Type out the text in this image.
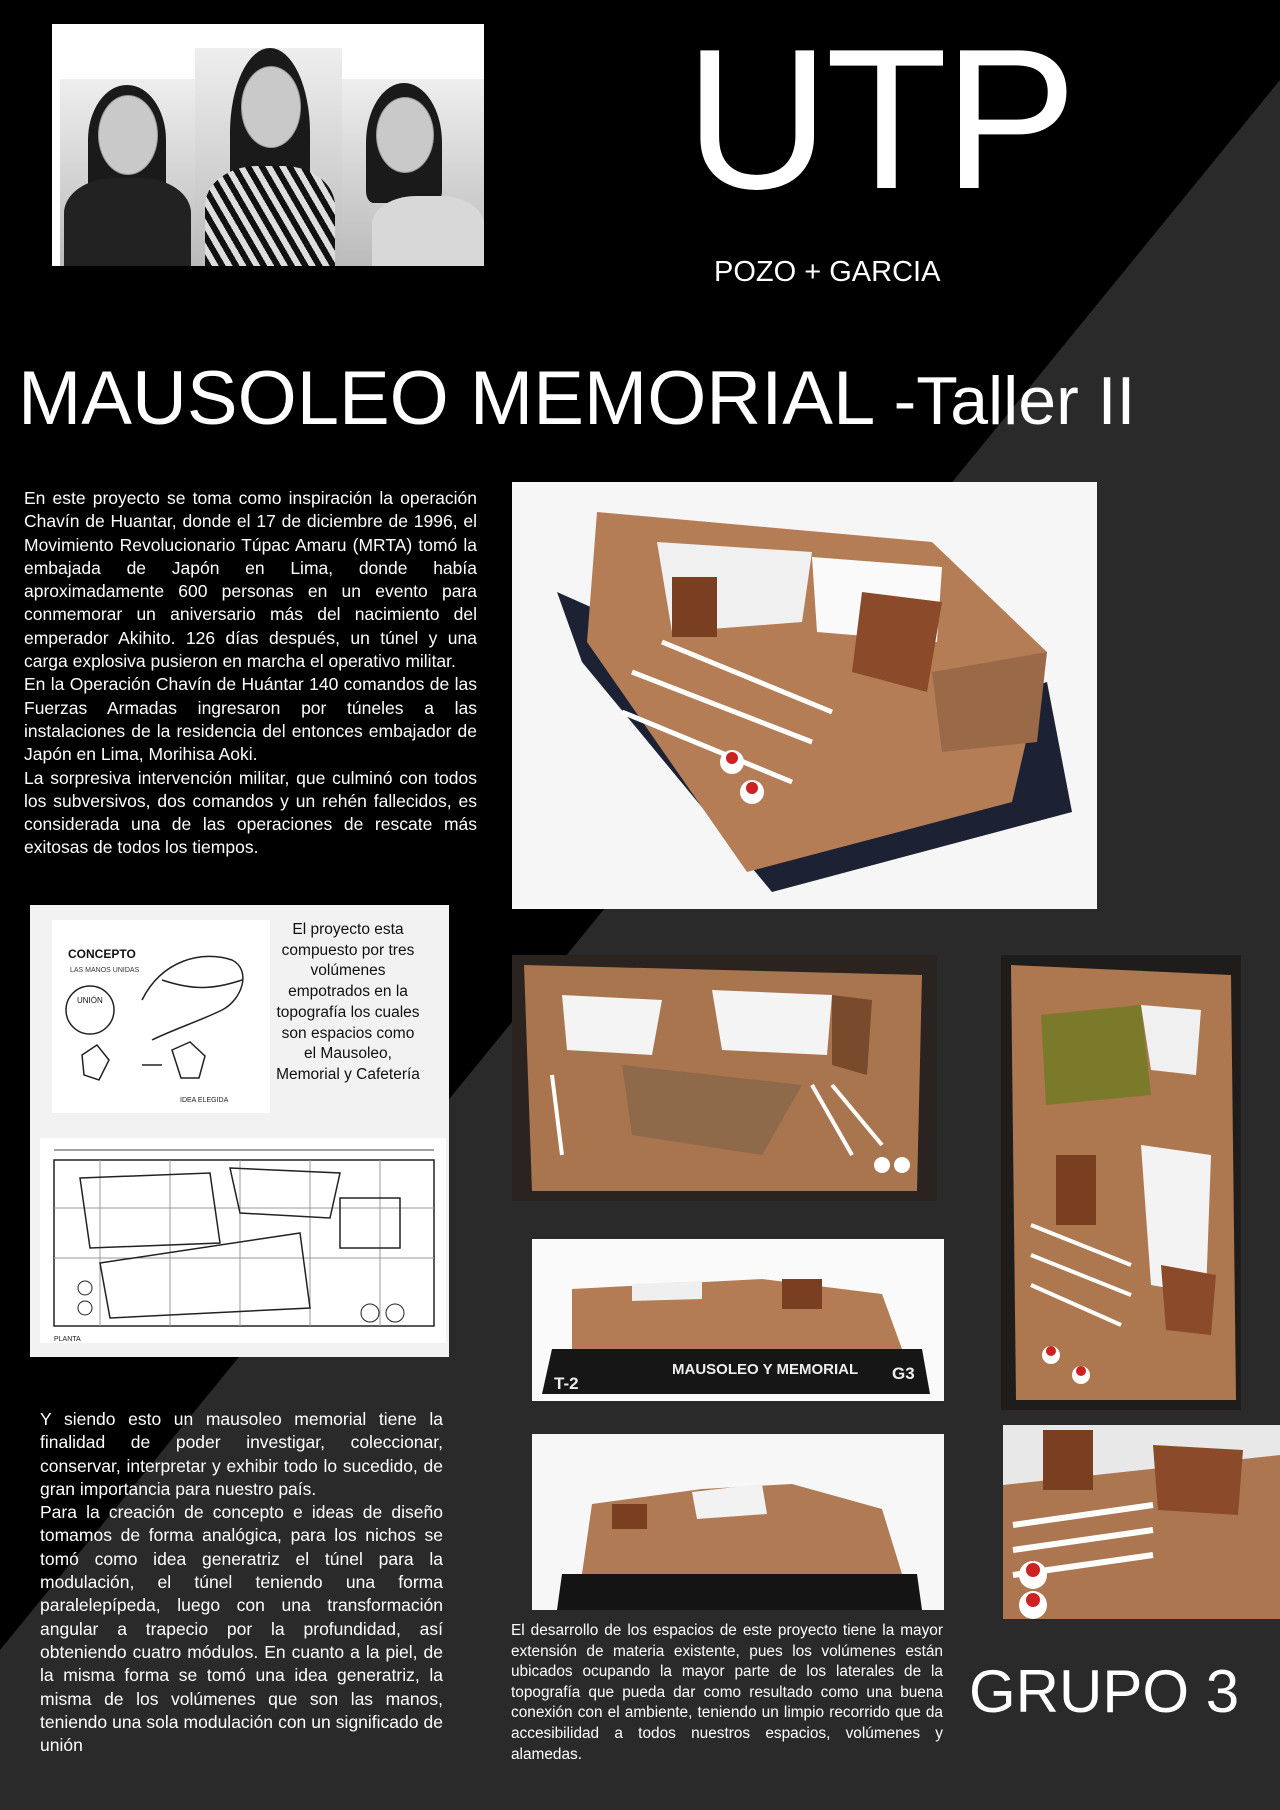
UTP
POZO + GARCIA
MAUSOLEO MEMORIAL -Taller II
En este proyecto se toma como inspiración la operación Chavín de Huantar, donde el 17 de diciembre de 1996, el Movimiento Revolucionario Túpac Amaru (MRTA) tomó la embajada de Japón en Lima, donde había aproximadamente 600 personas en un evento para conmemorar un aniversario más del nacimiento del emperador Akihito. 126 días después, un túnel y una carga explosiva pusieron en marcha el operativo militar.
En la Operación Chavín de Huántar 140 comandos de las Fuerzas Armadas ingresaron por túneles a las instalaciones de la residencia del entonces embajador de Japón en Lima, Morihisa Aoki.
La sorpresiva intervención militar, que culminó con todos los subversivos, dos comandos y un rehén fallecidos, es considerada una de las operaciones de rescate más exitosas de todos los tiempos.
CONCEPTO
LAS MANOS UNIDAS
UNIÓN
IDEA ELEGIDA
El proyecto esta compuesto por tres volúmenes empotrados en la topografía los cuales son espacios como el Mausoleo, Memorial y Cafetería
PLANTA
T-2
MAUSOLEO Y MEMORIAL G3
El desarrollo de los espacios de este proyecto tiene la mayor extensión de materia existente, pues los volúmenes están ubicados ocupando la mayor parte de los laterales de la topografía que pueda dar como resultado como una buena conexión con el ambiente, teniendo un limpio recorrido que da accesibilidad a todos nuestros espacios, volúmenes y alamedas.
Y siendo esto un mausoleo memorial tiene la finalidad de poder investigar, coleccionar, conservar, interpretar y exhibir todo lo sucedido, de gran importancia para nuestro país.
Para la creación de concepto e ideas de diseño tomamos de forma analógica, para los nichos se tomó como idea generatriz el túnel para la modulación, el túnel teniendo una forma paralelepípeda, luego con una transformación angular a trapecio por la profundidad, así obteniendo cuatro módulos. En cuanto a la piel, de la misma forma se tomó una idea generatriz, la misma de los volúmenes que son las manos, teniendo una sola modulación con un significado de unión
GRUPO 3
